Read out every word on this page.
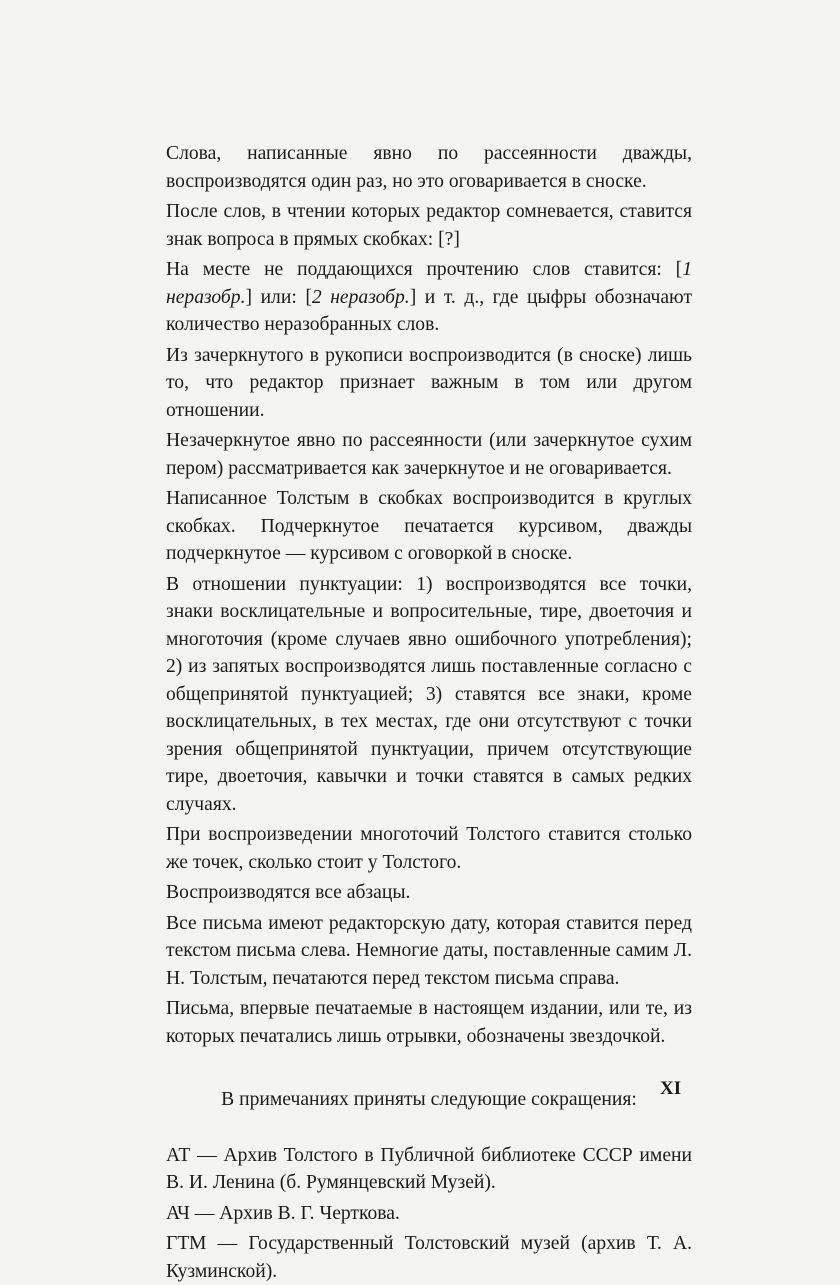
Слова, написанные явно по рассеянности дважды, воспроизводятся один раз, но это оговаривается в сноске.

После слов, в чтении которых редактор сомневается, ставится знак вопроса в прямых скобках: [?]

На месте не поддающихся прочтению слов ставится: [1 неразобр.] или: [2 неразобр.] и т. д., где цыфры обозначают количество неразобранных слов.

Из зачеркнутого в рукописи воспроизводится (в сноске) лишь то, что редактор признает важным в том или другом отношении.

Незачеркнутое явно по рассеянности (или зачеркнутое сухим пером) рассматривается как зачеркнутое и не оговаривается.

Написанное Толстым в скобках воспроизводится в круглых скобках. Подчеркнутое печатается курсивом, дважды подчеркнутое — курсивом с оговоркой в сноске.

В отношении пунктуации: 1) воспроизводятся все точки, знаки восклицательные и вопросительные, тире, двоеточия и многоточия (кроме случаев явно ошибочного употребления); 2) из запятых воспроизводятся лишь поставленные согласно с общепринятой пунктуацией; 3) ставятся все знаки, кроме восклицательных, в тех местах, где они отсутствуют с точки зрения общепринятой пунктуации, причем отсутствующие тире, двоеточия, кавычки и точки ставятся в самых редких случаях.

При воспроизведении многоточий Толстого ставится столько же точек, сколько стоит у Толстого.

Воспроизводятся все абзацы.

Все письма имеют редакторскую дату, которая ставится перед текстом письма слева. Немногие даты, поставленные самим Л. Н. Толстым, печатаются перед текстом письма справа.

Письма, впервые печатаемые в настоящем издании, или те, из которых печатались лишь отрывки, обозначены звездочкой.

В примечаниях приняты следующие сокращения:

АТ — Архив Толстого в Публичной библиотеке СССР имени В. И. Ленина (б. Румянцевский Музей).

АЧ — Архив В. Г. Черткова.

ГТМ — Государственный Толстовский музей (архив Т. А. Кузминской).

XI
